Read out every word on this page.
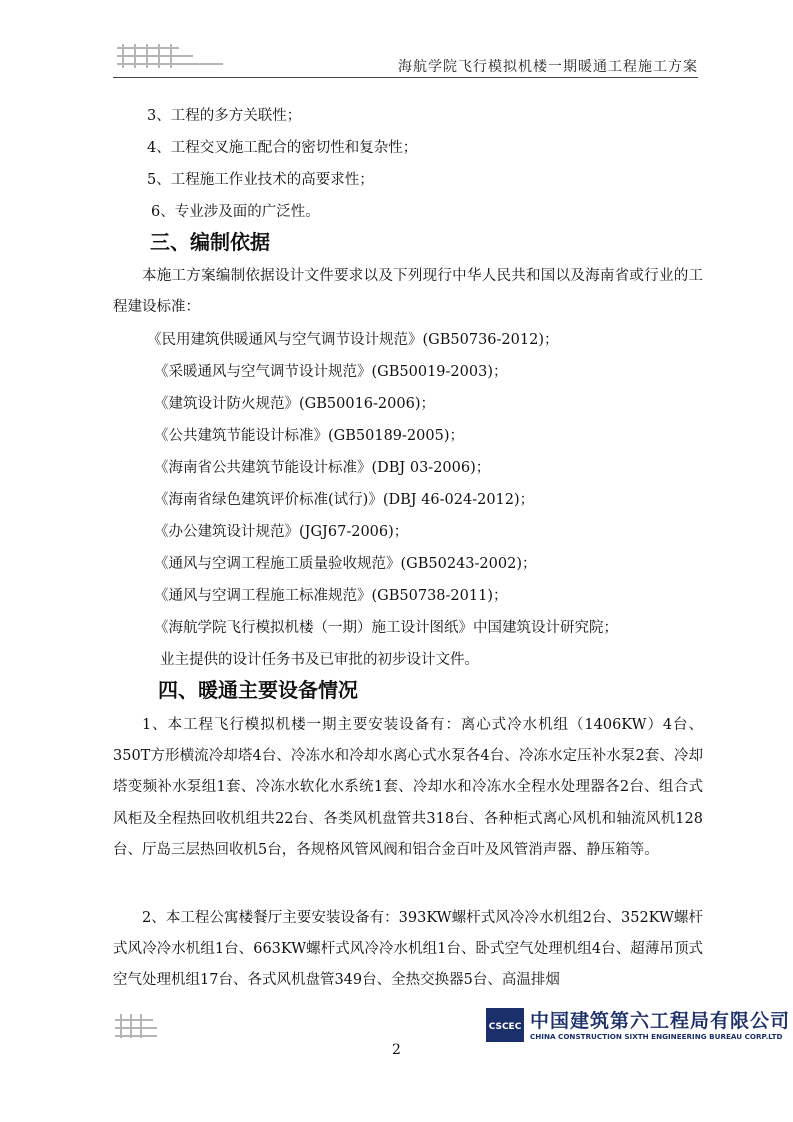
海航学院飞行模拟机楼一期暖通工程施工方案
3、工程的多方关联性；
4、工程交叉施工配合的密切性和复杂性；
5、工程施工作业技术的高要求性；
6、专业涉及面的广泛性。
三、编制依据
本施工方案编制依据设计文件要求以及下列现行中华人民共和国以及海南省或行业的工程建设标准：
《民用建筑供暖通风与空气调节设计规范》(GB50736-2012)；
《采暖通风与空气调节设计规范》(GB50019-2003)；
《建筑设计防火规范》(GB50016-2006)；
《公共建筑节能设计标准》(GB50189-2005)；
《海南省公共建筑节能设计标准》(DBJ 03-2006)；
《海南省绿色建筑评价标准(试行)》(DBJ 46-024-2012)；
《办公建筑设计规范》(JGJ67-2006)；
《通风与空调工程施工质量验收规范》(GB50243-2002)；
《通风与空调工程施工标准规范》(GB50738-2011)；
《海航学院飞行模拟机楼（一期）施工设计图纸》中国建筑设计研究院；
业主提供的设计任务书及已审批的初步设计文件。
四、暖通主要设备情况
1、本工程飞行模拟机楼一期主要安装设备有：离心式冷水机组（1406KW）4台、350T方形横流冷却塔4台、冷冻水和冷却水离心式水泵各4台、冷冻水定压补水泵2套、冷却塔变频补水泵组1套、冷冻水软化水系统1套、冷却水和冷冻水全程水处理器各2台、组合式风柜及全程热回收机组共22台、各类风机盘管共318台、各种柜式离心风机和轴流风机128台、厅岛三层热回收机5台，各规格风管风阀和铝合金百叶及风管消声器、静压箱等。
2、本工程公寓楼餐厅主要安装设备有：393KW螺杆式风冷冷水机组2台、352KW螺杆式风冷冷水机组1台、663KW螺杆式风冷冷水机组1台、卧式空气处理机组4台、超薄吊顶式空气处理机组17台、各式风机盘管349台、全热交换器5台、高温排烟
CSCEC 中国建筑第六工程局有限公司
CHINA CONSTRUCTION SIXTH ENGINEERING BUREAU CORP.LTD
2
